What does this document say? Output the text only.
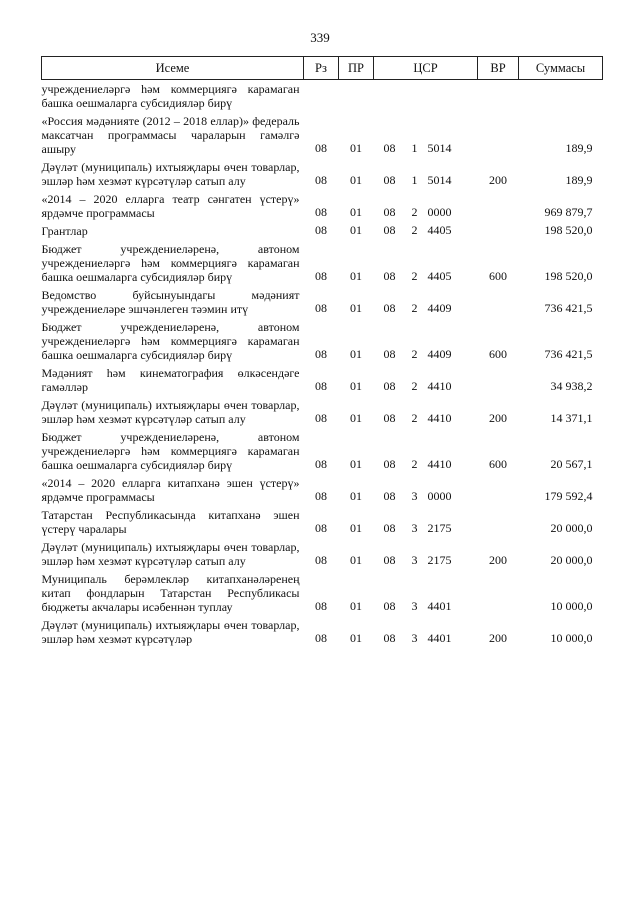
339
Исеме	Рз	ПР	ЦСР			ВР	Суммасы
учреждениеләргә һәм коммерциягә карамаган башка оешмаларга субсидияләр бирү							
«Россия мәдәнияте (2012 – 2018 еллар)» федераль максатчан программасы чараларын гамәлгә ашыру	08	01	08	1	5014		189,9
Дәүләт (муниципаль) ихтыяҗлары өчен товарлар, эшләр һәм хезмәт күрсәтүләр сатып алу	08	01	08	1	5014	200	189,9
«2014 – 2020 елларга театр сәнгатен үстерү» ярдәмче программасы	08	01	08	2	0000		969 879,7
Грантлар	08	01	08	2	4405		198 520,0
Бюджет учреждениеләренә, автоном учреждениеләргә һәм коммерциягә карамаган башка оешмаларга субсидияләр бирү	08	01	08	2	4405	600	198 520,0
Ведомство буйсынуындагы мәдәният учреждениеләре эшчәнлеген тәэмин итү	08	01	08	2	4409		736 421,5
Бюджет учреждениеләренә, автоном учреждениеләргә һәм коммерциягә карамаган башка оешмаларга субсидияләр бирү	08	01	08	2	4409	600	736 421,5
Мәдәният һәм кинематография өлкәсендәге гамәлләр	08	01	08	2	4410		34 938,2
Дәүләт (муниципаль) ихтыяҗлары өчен товарлар, эшләр һәм хезмәт күрсәтүләр сатып алу	08	01	08	2	4410	200	14 371,1
Бюджет учреждениеләренә, автоном учреждениеләргә һәм коммерциягә карамаган башка оешмаларга субсидияләр бирү	08	01	08	2	4410	600	20 567,1
«2014 – 2020 елларга китапханә эшен үстерү» ярдәмче программасы	08	01	08	3	0000		179 592,4
Татарстан Республикасында китапханә эшен үстерү чаралары	08	01	08	3	2175		20 000,0
Дәүләт (муниципаль) ихтыяҗлары өчен товарлар, эшләр һәм хезмәт күрсәтүләр сатып алу	08	01	08	3	2175	200	20 000,0
Муниципаль берәмлекләр китапханәләренең китап фондларын Татарстан Республикасы бюджеты акчалары исәбеннән туплау	08	01	08	3	4401		10 000,0
Дәүләт (муниципаль) ихтыяҗлары өчен товарлар, эшләр һәм хезмәт күрсәтүләр	08	01	08	3	4401	200	10 000,0
